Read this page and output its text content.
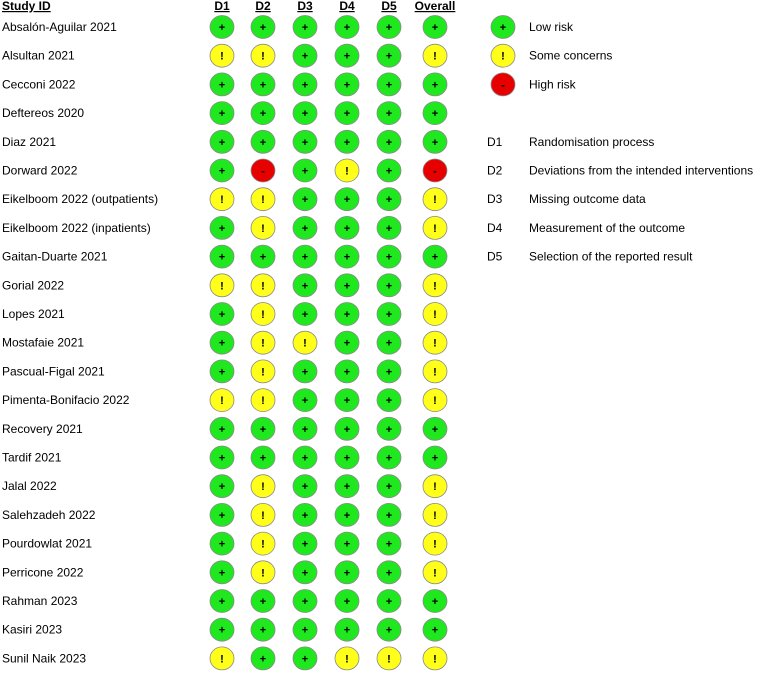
Study ID	D1 D2 D3 D4 D5 Overall
Absalón-Aguilar 2021	+	+	+	+	+	+
Alsultan 2021	!	!	+	+	+	!
Cecconi 2022	+	+	+	+	+	+
Deftereos 2020	+	+	+	+	+	+
Diaz 2021	+	+	+	+	+	+
Dorward 2022	+	-	+	!	+	-
Eikelboom 2022 (outpatients)	!	!	+	+	+	!
Eikelboom 2022 (inpatients)	+	!	+	+	+	!
Gaitan-Duarte 2021	+	+	+	+	+	+
Gorial 2022	!	!	+	+	+	!
Lopes 2021	+	!	+	+	+	!
Mostafaie 2021	+	!	!	+	+	!
Pascual-Figal 2021	+	!	+	+	+	!
Pimenta-Bonifacio 2022	!	!	+	+	+	!
Recovery 2021	+	+	+	+	+	+
Tardif 2021	+	+	+	+	+	+
Jalal 2022	+	!	+	+	+	!
Salehzadeh 2022	+	!	+	+	+	!
Pourdowlat 2021	+	!	+	+	+	!
Perricone 2022	+	!	+	+	+	!
Rahman 2023	+	+	+	+	+	+
Kasiri 2023	+	+	+	+	+	+
Sunil Naik 2023	!	+	+	!	!	!
+ Low risk
! Some concerns
- High risk
D1 Randomisation process
D2 Deviations from the intended interventions
D3 Missing outcome data
D4 Measurement of the outcome
D5 Selection of the reported result
